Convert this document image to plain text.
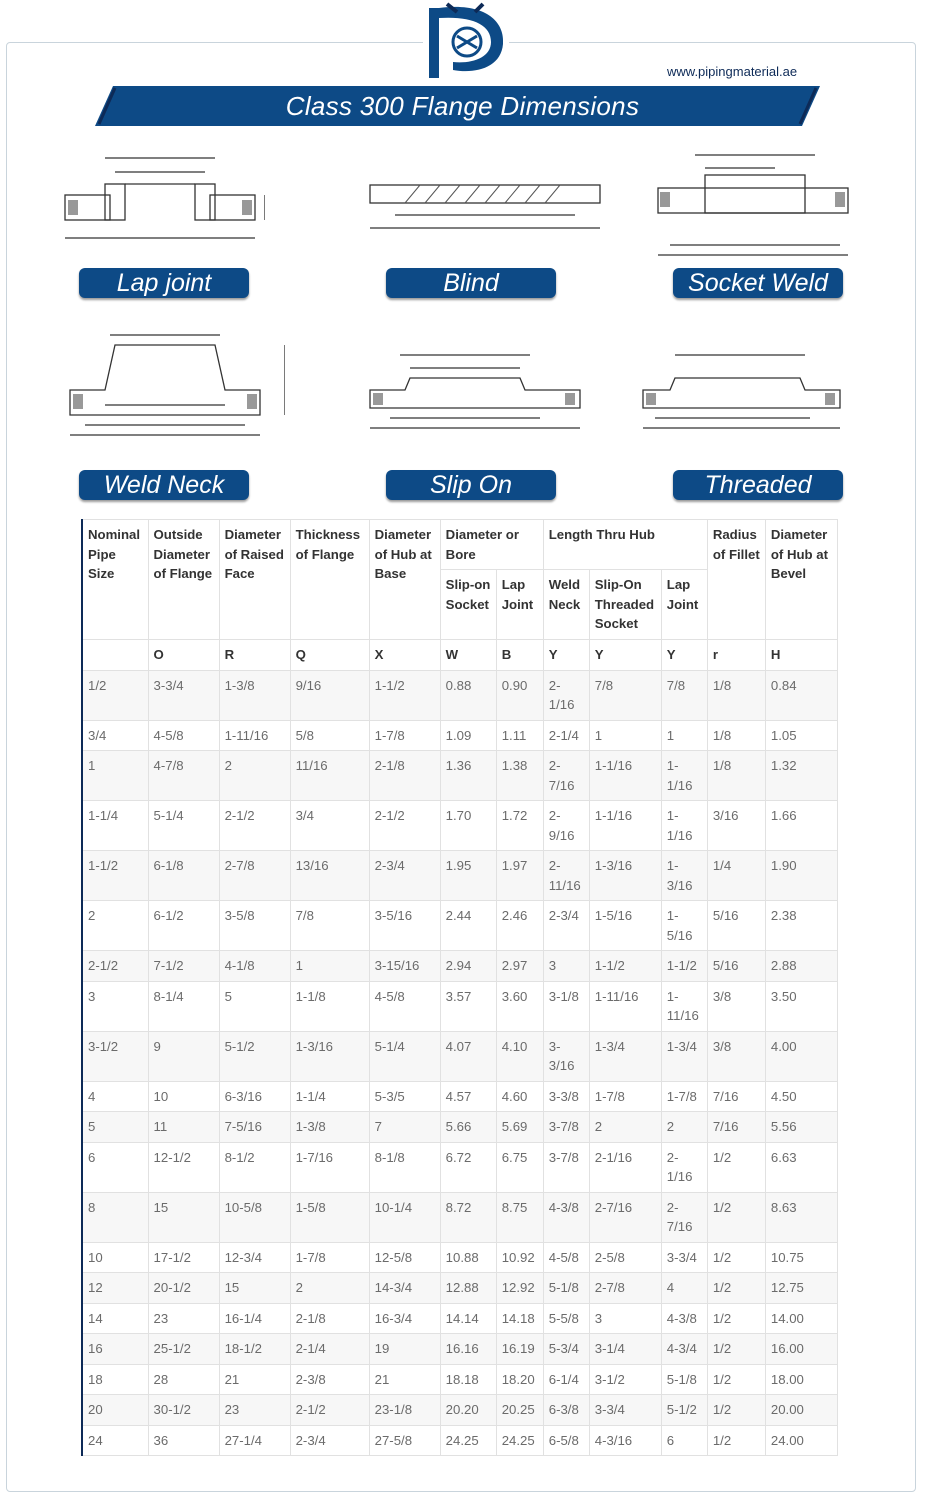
www.pipingmaterial.ae
Class 300 Flange Dimensions
Lap joint	Blind	Socket Weld
Weld Neck	Slip On	Threaded
Nominal Pipe Size	Outside Diameter of Flange	Diameter of Raised Face	Thickness of Flange	Diameter of Hub at Base	Diameter or Bore		Length Thru Hub			Radius of Fillet	Diameter of Hub at Bevel
					Slip-on Socket	Lap Joint	Weld Neck	Slip-On Threaded Socket	Lap Joint		
	O	R	Q	X	W	B	Y	Y	Y	r	H
1/2	3-3/4	1-3/8	9/16	1-1/2	0.88	0.90	2-1/16	7/8	7/8	1/8	0.84
3/4	4-5/8	1-11/16	5/8	1-7/8	1.09	1.11	2-1/4	1	1	1/8	1.05
1	4-7/8	2	11/16	2-1/8	1.36	1.38	2-7/16	1-1/16	1-1/16	1/8	1.32
1-1/4	5-1/4	2-1/2	3/4	2-1/2	1.70	1.72	2-9/16	1-1/16	1-1/16	3/16	1.66
1-1/2	6-1/8	2-7/8	13/16	2-3/4	1.95	1.97	2-11/16	1-3/16	1-3/16	1/4	1.90
2	6-1/2	3-5/8	7/8	3-5/16	2.44	2.46	2-3/4	1-5/16	1-5/16	5/16	2.38
2-1/2	7-1/2	4-1/8	1	3-15/16	2.94	2.97	3	1-1/2	1-1/2	5/16	2.88
3	8-1/4	5	1-1/8	4-5/8	3.57	3.60	3-1/8	1-11/16	1-11/16	3/8	3.50
3-1/2	9	5-1/2	1-3/16	5-1/4	4.07	4.10	3-3/16	1-3/4	1-3/4	3/8	4.00
4	10	6-3/16	1-1/4	5-3/5	4.57	4.60	3-3/8	1-7/8	1-7/8	7/16	4.50
5	11	7-5/16	1-3/8	7	5.66	5.69	3-7/8	2	2	7/16	5.56
6	12-1/2	8-1/2	1-7/16	8-1/8	6.72	6.75	3-7/8	2-1/16	2-1/16	1/2	6.63
8	15	10-5/8	1-5/8	10-1/4	8.72	8.75	4-3/8	2-7/16	2-7/16	1/2	8.63
10	17-1/2	12-3/4	1-7/8	12-5/8	10.88	10.92	4-5/8	2-5/8	3-3/4	1/2	10.75
12	20-1/2	15	2	14-3/4	12.88	12.92	5-1/8	2-7/8	4	1/2	12.75
14	23	16-1/4	2-1/8	16-3/4	14.14	14.18	5-5/8	3	4-3/8	1/2	14.00
16	25-1/2	18-1/2	2-1/4	19	16.16	16.19	5-3/4	3-1/4	4-3/4	1/2	16.00
18	28	21	2-3/8	21	18.18	18.20	6-1/4	3-1/2	5-1/8	1/2	18.00
20	30-1/2	23	2-1/2	23-1/8	20.20	20.25	6-3/8	3-3/4	5-1/2	1/2	20.00
24	36	27-1/4	2-3/4	27-5/8	24.25	24.25	6-5/8	4-3/16	6	1/2	24.00
